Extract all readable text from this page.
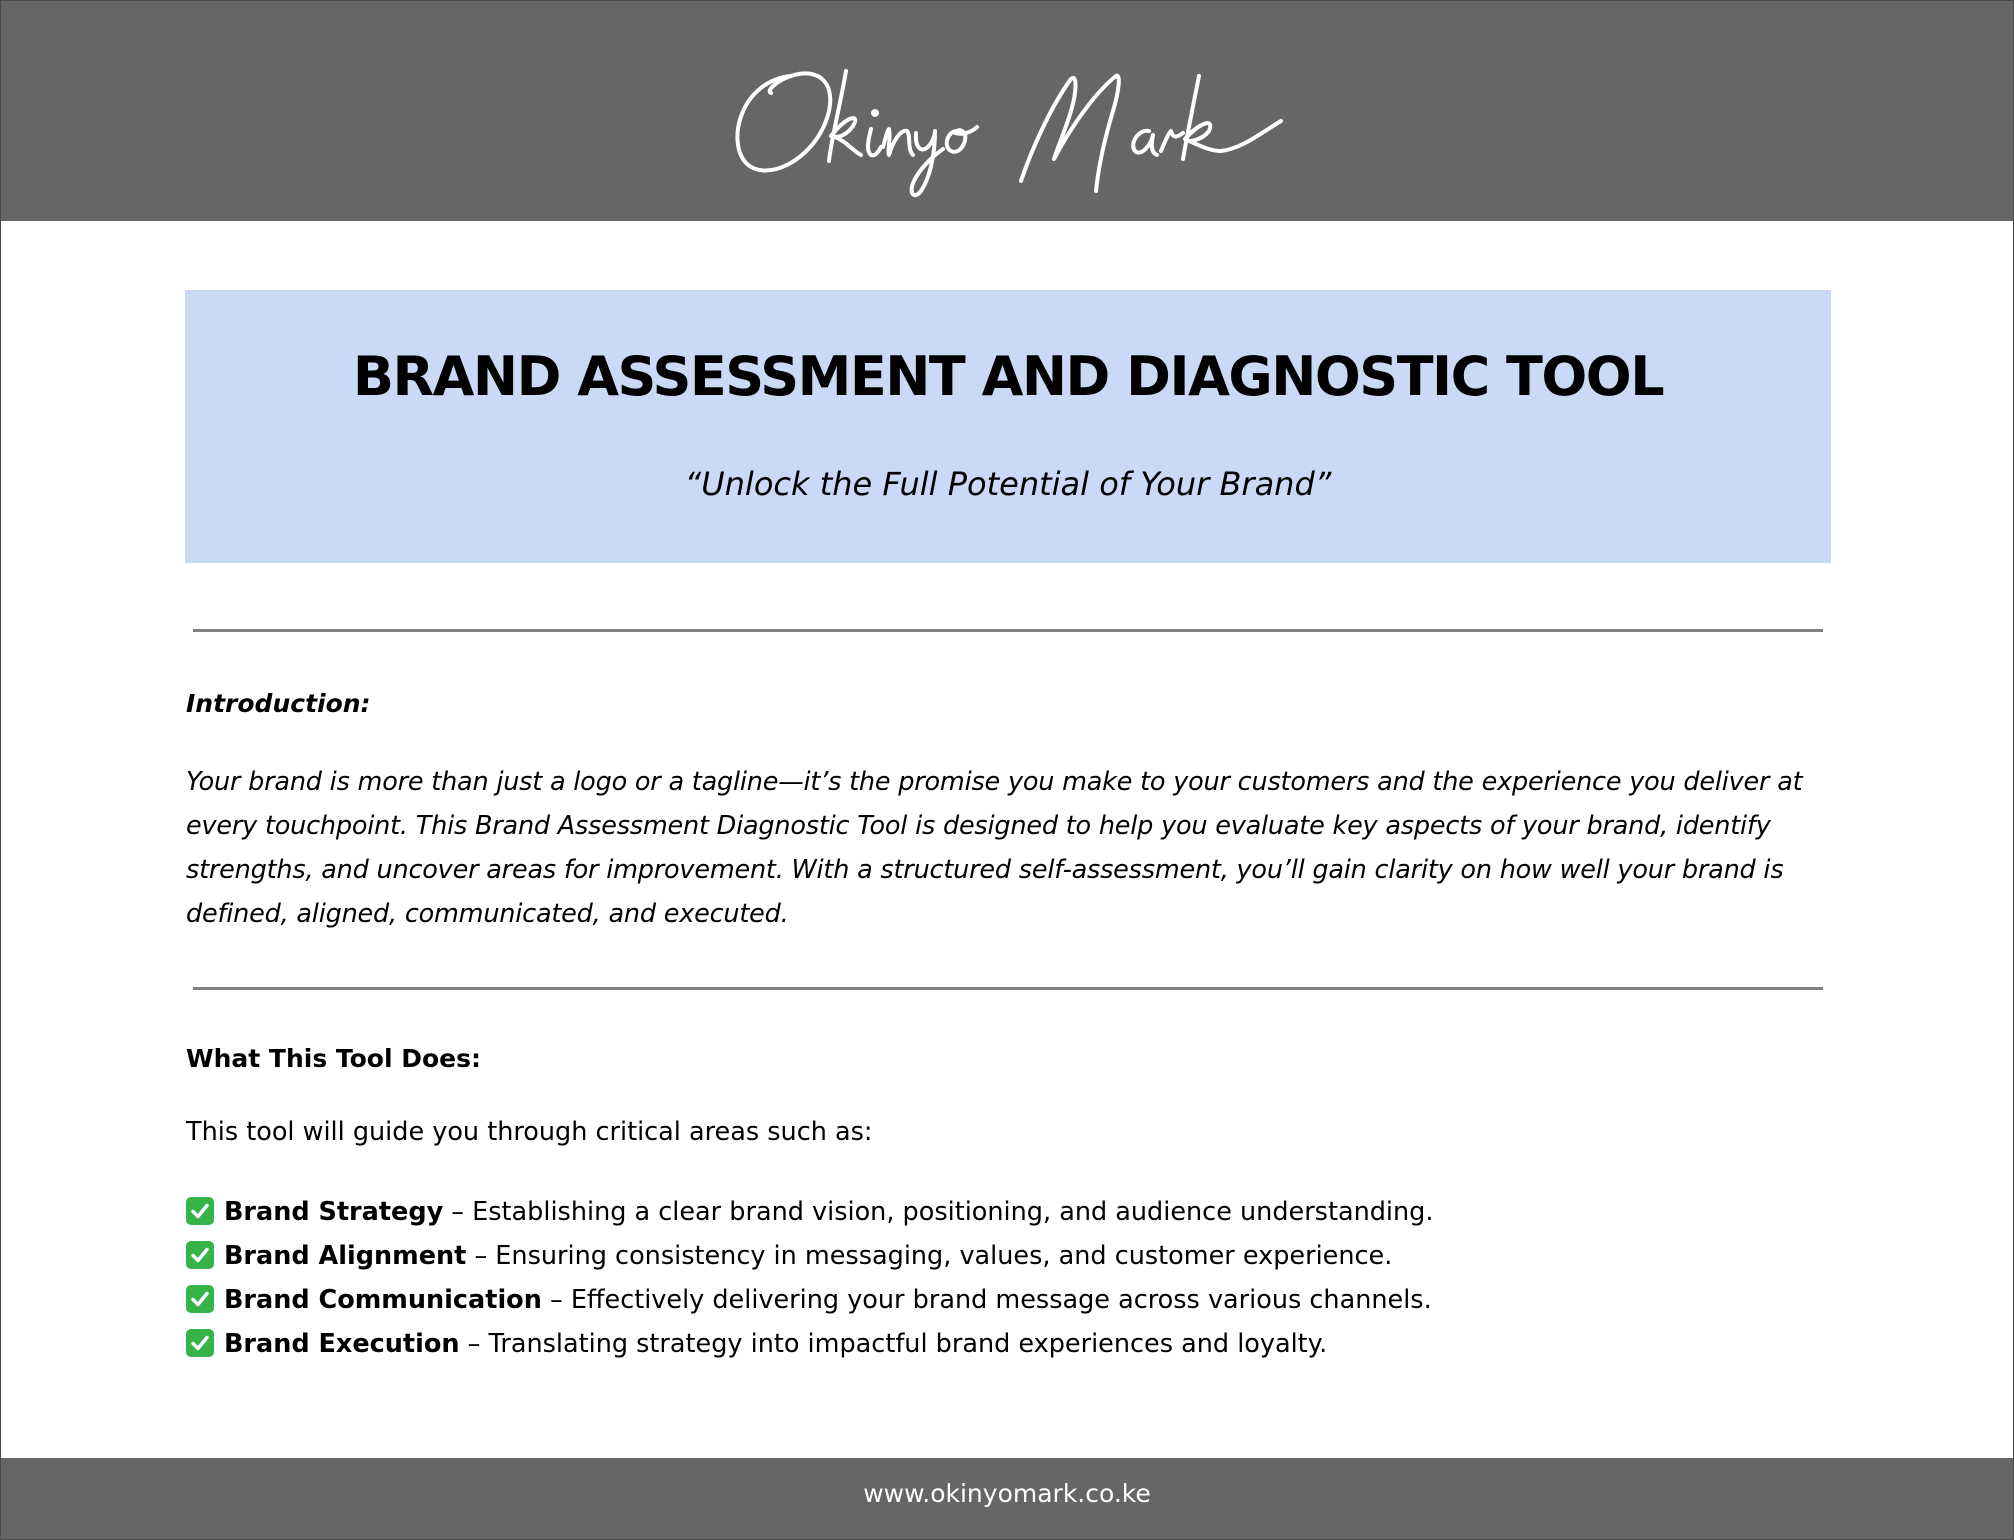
BRAND ASSESSMENT AND DIAGNOSTIC TOOL
“Unlock the Full Potential of Your Brand”
Introduction:
Your brand is more than just a logo or a tagline—it’s the promise you make to your customers and the experience you deliver at every touchpoint. This Brand Assessment Diagnostic Tool is designed to help you evaluate key aspects of your brand, identify strengths, and uncover areas for improvement. With a structured self-assessment, you’ll gain clarity on how well your brand is defined, aligned, communicated, and executed.
What This Tool Does:
This tool will guide you through critical areas such as:
Brand Strategy – Establishing a clear brand vision, positioning, and audience understanding.
Brand Alignment – Ensuring consistency in messaging, values, and customer experience.
Brand Communication – Effectively delivering your brand message across various channels.
Brand Execution – Translating strategy into impactful brand experiences and loyalty.
www.okinyomark.co.ke
